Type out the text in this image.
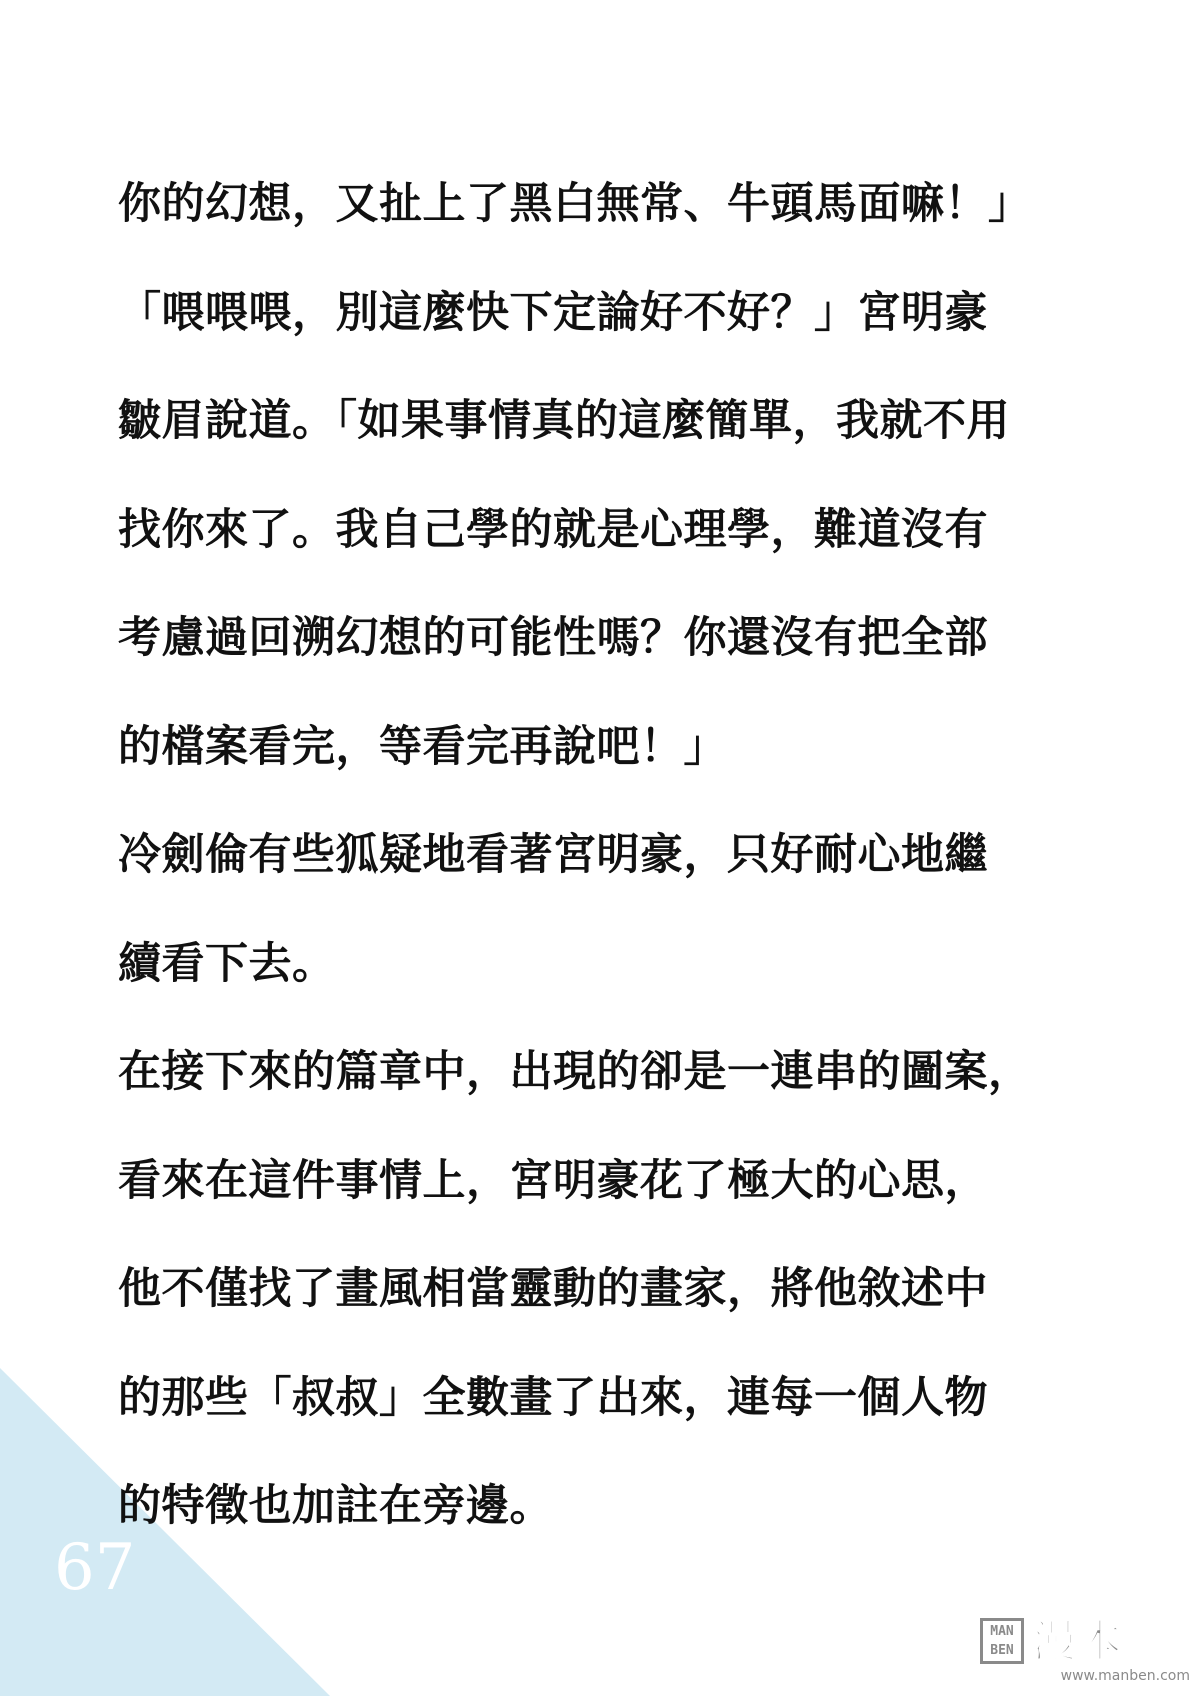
你的幻想，又扯上了黑白無常、牛頭馬面嘛！」
「喂喂喂，別這麼快下定論好不好？」宮明豪
皺眉說道。「如果事情真的這麼簡單，我就不用
找你來了。我自己學的就是心理學，難道沒有
考慮過回溯幻想的可能性嗎？你還沒有把全部
的檔案看完，等看完再說吧！」
冷劍倫有些狐疑地看著宮明豪，只好耐心地繼
續看下去。
在接下來的篇章中，出現的卻是一連串的圖案，
看來在這件事情上，宮明豪花了極大的心思，
他不僅找了畫風相當靈動的畫家，將他敘述中
的那些「叔叔」全數畫了出來，連每一個人物
的特徵也加註在旁邊。
67
MAN BEN 漫本
www.manben.com
